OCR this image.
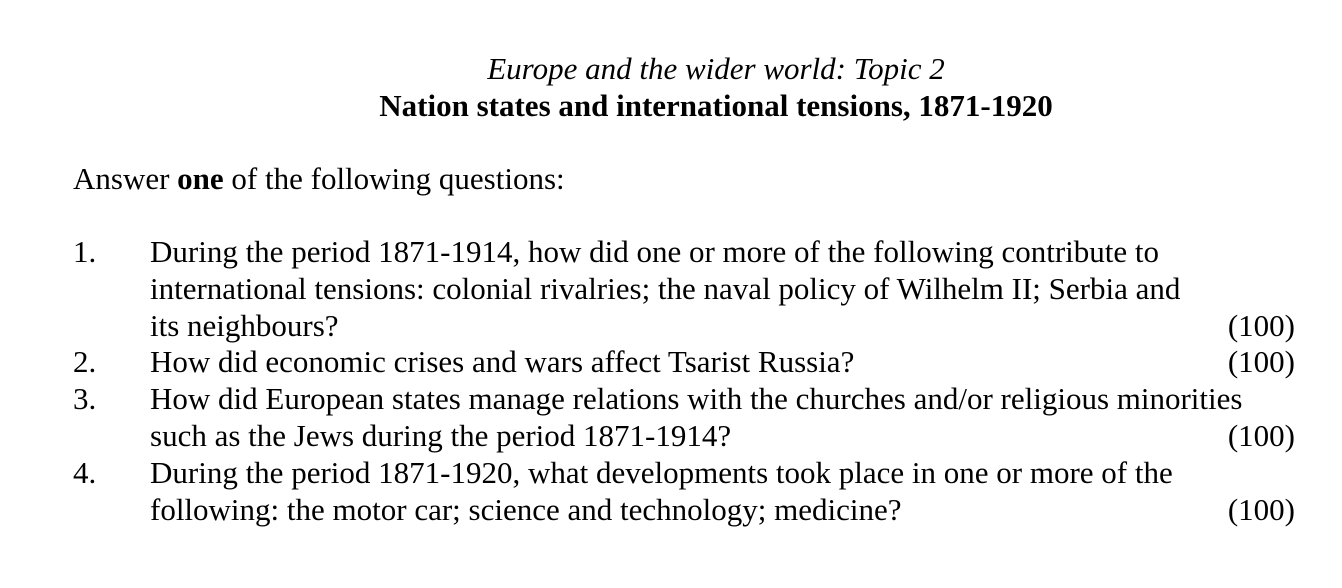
Europe and the wider world: Topic 2
Nation states and international tensions, 1871-1920
Answer one of the following questions:
1. During the period 1871-1914, how did one or more of the following contribute to
international tensions: colonial rivalries; the naval policy of Wilhelm II; Serbia and
its neighbours?	(100)
2. How did economic crises and wars affect Tsarist Russia?	(100)
3. How did European states manage relations with the churches and/or religious minorities
such as the Jews during the period 1871-1914?	(100)
4. During the period 1871-1920, what developments took place in one or more of the
following: the motor car; science and technology; medicine?	(100)
